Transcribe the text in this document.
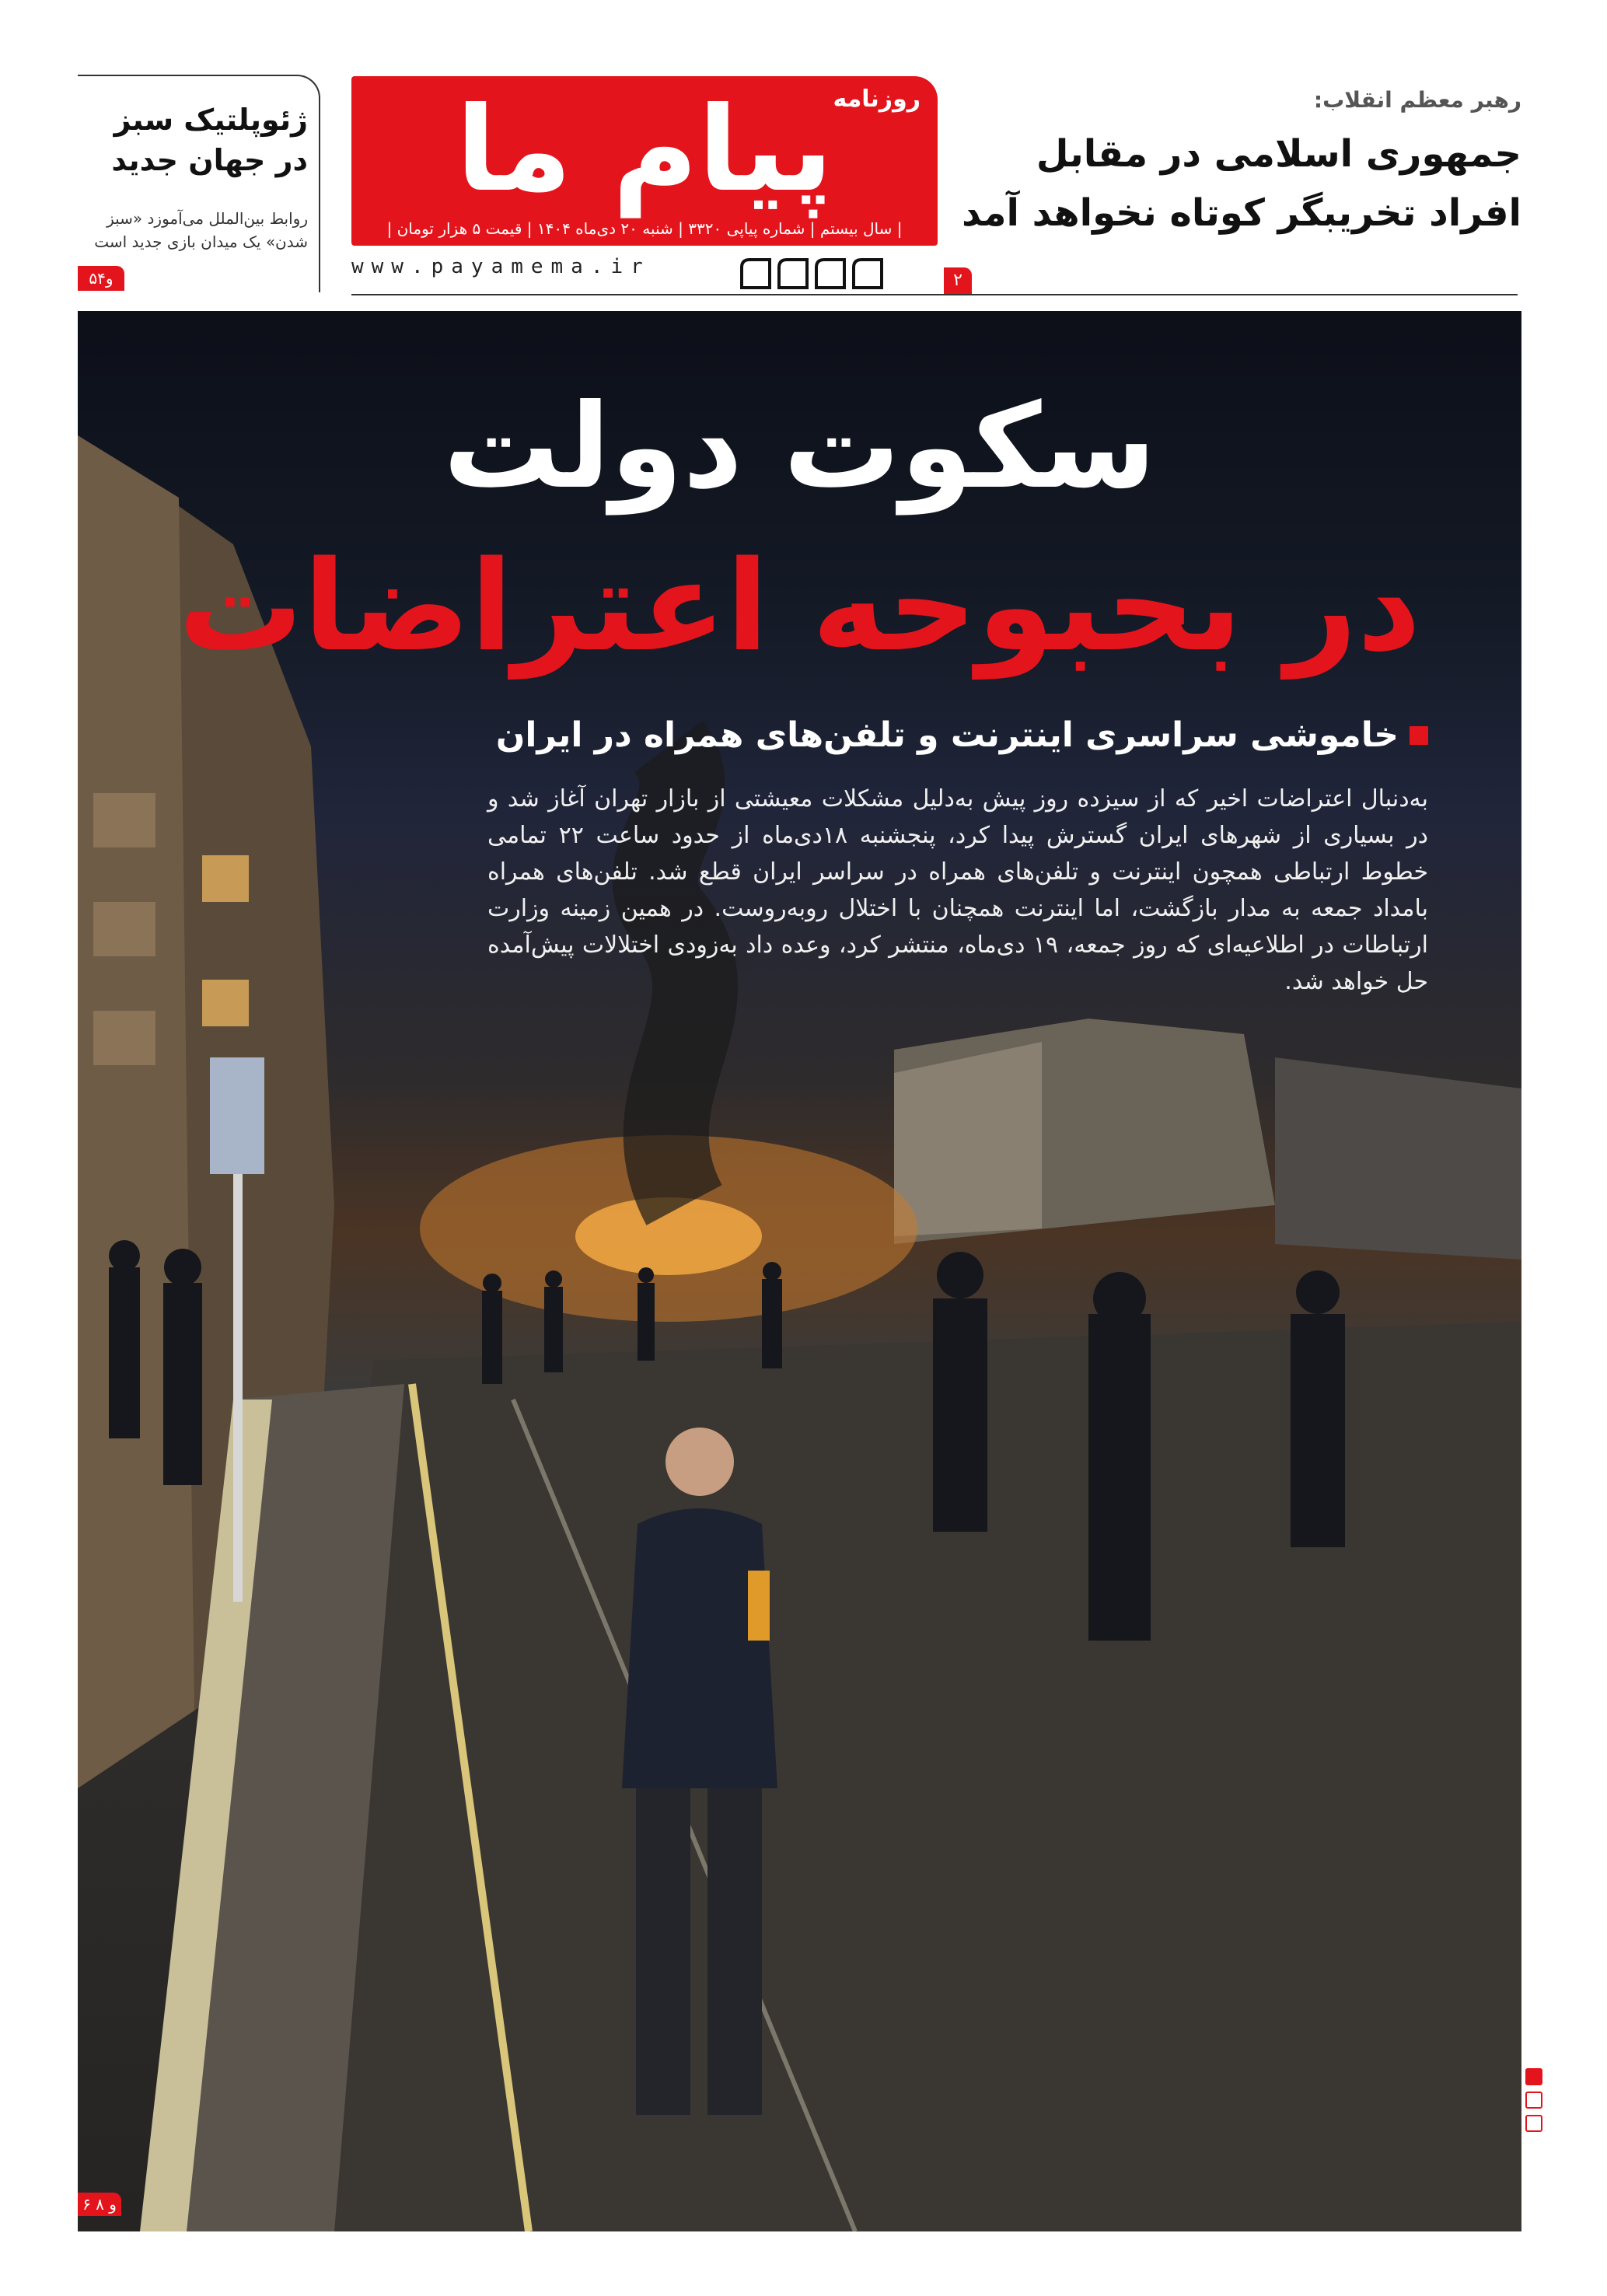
رهبر معظم انقلاب:
جمهوری اسلامی در مقابل افراد تخریبگر کوتاه نخواهد آمد
روزنامه
پیام ما
| سال بیستم | شماره پیاپی ۳۳۲۰ | شنبه ۲۰ دی‌ماه ۱۴۰۴ | قیمت ۵ هزار تومان |
www.payamema.ir
۲
ژئوپلتیک سبز در جهان جدید
روابط بین‌الملل می‌آموزد «سبز شدن» یک میدان بازی جدید است
۵و۴
سکوت دولت
در بحبوحه اعتراضات
خاموشی سراسری اینترنت و تلفن‌های همراه در ایران
به‌دنبال اعتراضات اخیر که از سیزده روز پیش به‌دلیل مشکلات معیشتی از بازار تهران آغاز شد و در بسیاری از شهرهای ایران گسترش پیدا کرد، پنجشنبه ۱۸دی‌ماه از حدود ساعت ۲۲ تمامی خطوط ارتباطی همچون اینترنت و تلفن‌های همراه در سراسر ایران قطع شد. تلفن‌های همراه بامداد جمعه به مدار بازگشت، اما اینترنت همچنان با اختلال روبه‌روست. در همین زمینه وزارت ارتباطات در اطلاعیه‌ای که روز جمعه، ۱۹ دی‌ماه، منتشر کرد، وعده داد به‌زودی اختلالات پیش‌آمده حل خواهد شد.
۶ و ۸
